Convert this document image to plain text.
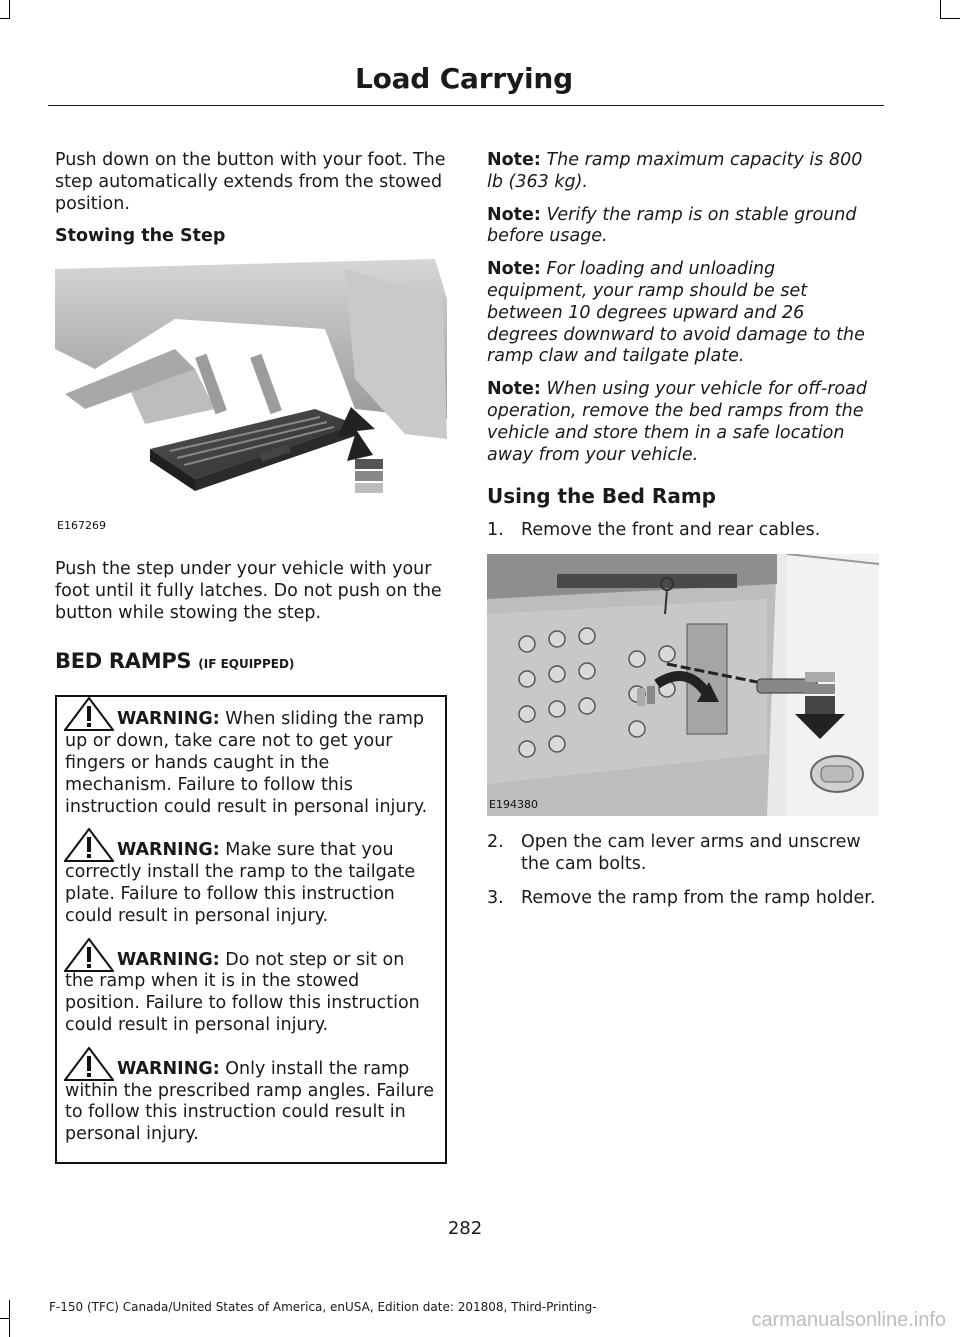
Load Carrying

Push down on the button with your foot. The step automatically extends from the stowed position.

Stowing the Step

E167269

Push the step under your vehicle with your foot until it fully latches. Do not push on the button while stowing the step.

BED RAMPS (IF EQUIPPED)
WARNING: When sliding the ramp up or down, take care not to get your fingers or hands caught in the mechanism. Failure to follow this instruction could result in personal injury.
WARNING: Make sure that you correctly install the ramp to the tailgate plate. Failure to follow this instruction could result in personal injury.
WARNING: Do not step or sit on the ramp when it is in the stowed position. Failure to follow this instruction could result in personal injury.
WARNING: Only install the ramp within the prescribed ramp angles. Failure to follow this instruction could result in personal injury.

Note: The ramp maximum capacity is 800 lb (363 kg).

Note: Verify the ramp is on stable ground before usage.

Note: For loading and unloading equipment, your ramp should be set between 10 degrees upward and 26 degrees downward to avoid damage to the ramp claw and tailgate plate.

Note: When using your vehicle for off-road operation, remove the bed ramps from the vehicle and store them in a safe location away from your vehicle.

Using the Bed Ramp
1. Remove the front and rear cables.
E194380
2. Open the cam lever arms and unscrew the cam bolts.
3. Remove the ramp from the ramp holder.
282
F-150 (TFC) Canada/United States of America, enUSA, Edition date: 201808, Third-Printing-
carmanualsonline.info
